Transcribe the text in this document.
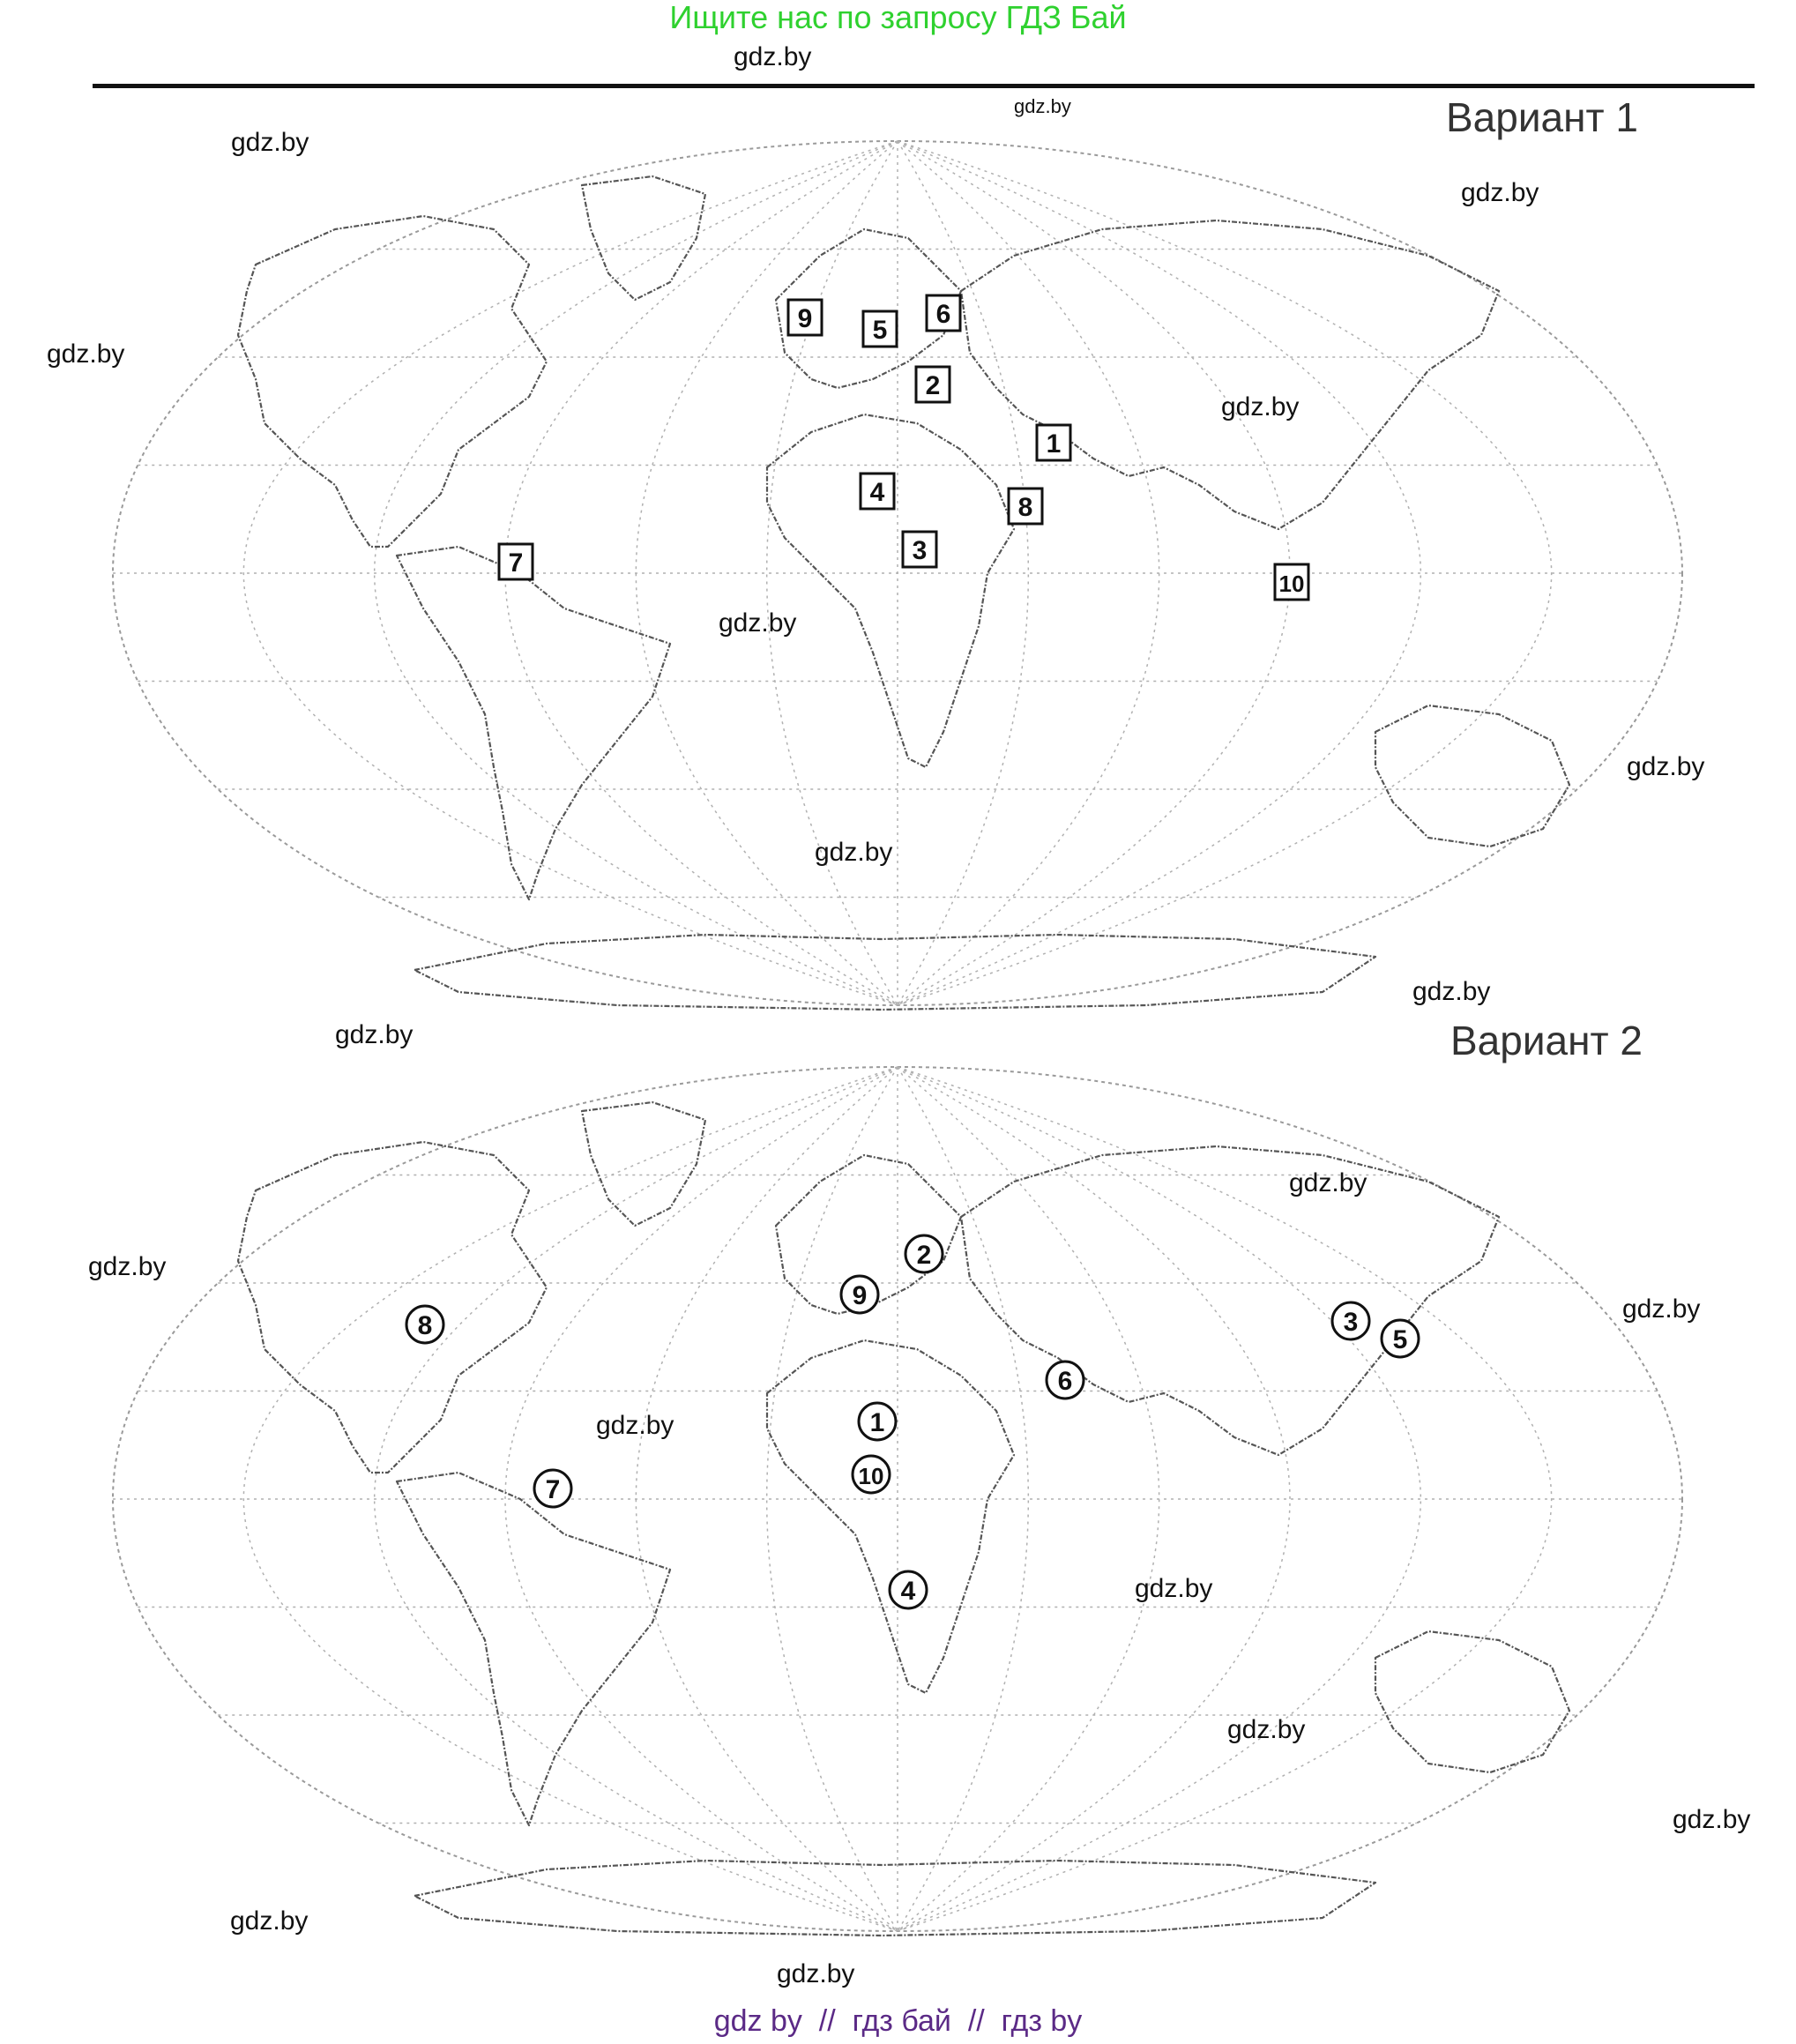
Ищите нас по запросу ГДЗ Бай
gdz.by
Вариант 1
1
2
3
4
5
6
7
8
9
10
Вариант 2
1
2
3
4
5
6
7
8
9
10
gdz.by
gdz.by
gdz.by
gdz.by
gdz.by
gdz.by
gdz.by
gdz.by
gdz.by
gdz.by
gdz.by
gdz.by
gdz.by
gdz.by
gdz.by
gdz.by
gdz.by
gdz.by
gdz.by
gdz by  //  гдз бай  //  гдз by
